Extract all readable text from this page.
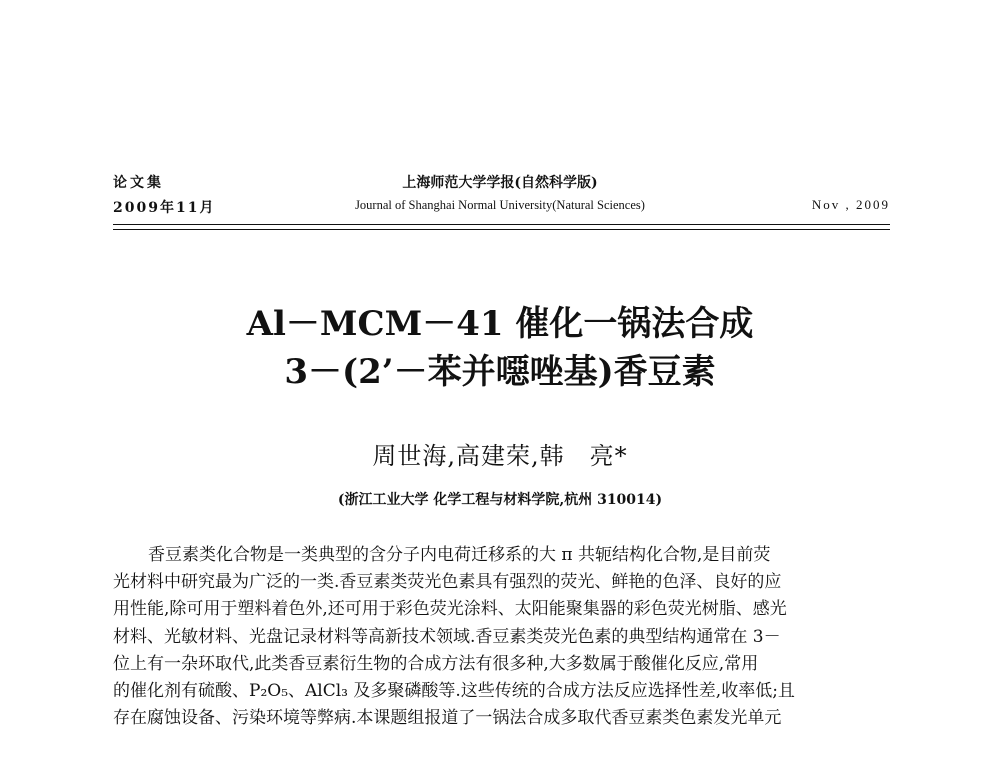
论文集	上海师范大学学报(自然科学版)
2009年11月	Journal of Shanghai Normal University(Natural Sciences)	Nov , 2009
Al－MCM－41 催化一锅法合成
3－(2’－苯并噁唑基)香豆素
周世海,高建荣,韩　亮*
(浙江工业大学 化学工程与材料学院,杭州 310014)
香豆素类化合物是一类典型的含分子内电荷迁移系的大 π 共轭结构化合物,是目前荧
光材料中研究最为广泛的一类.香豆素类荧光色素具有强烈的荧光、鲜艳的色泽、良好的应
用性能,除可用于塑料着色外,还可用于彩色荧光涂料、太阳能聚集器的彩色荧光树脂、感光
材料、光敏材料、光盘记录材料等高新技术领域.香豆素类荧光色素的典型结构通常在 3－
位上有一杂环取代,此类香豆素衍生物的合成方法有很多种,大多数属于酸催化反应,常用
的催化剂有硫酸、P₂O₅、AlCl₃ 及多聚磷酸等.这些传统的合成方法反应选择性差,收率低;且
存在腐蚀设备、污染环境等弊病.本课题组报道了一锅法合成多取代香豆素类色素发光单元
